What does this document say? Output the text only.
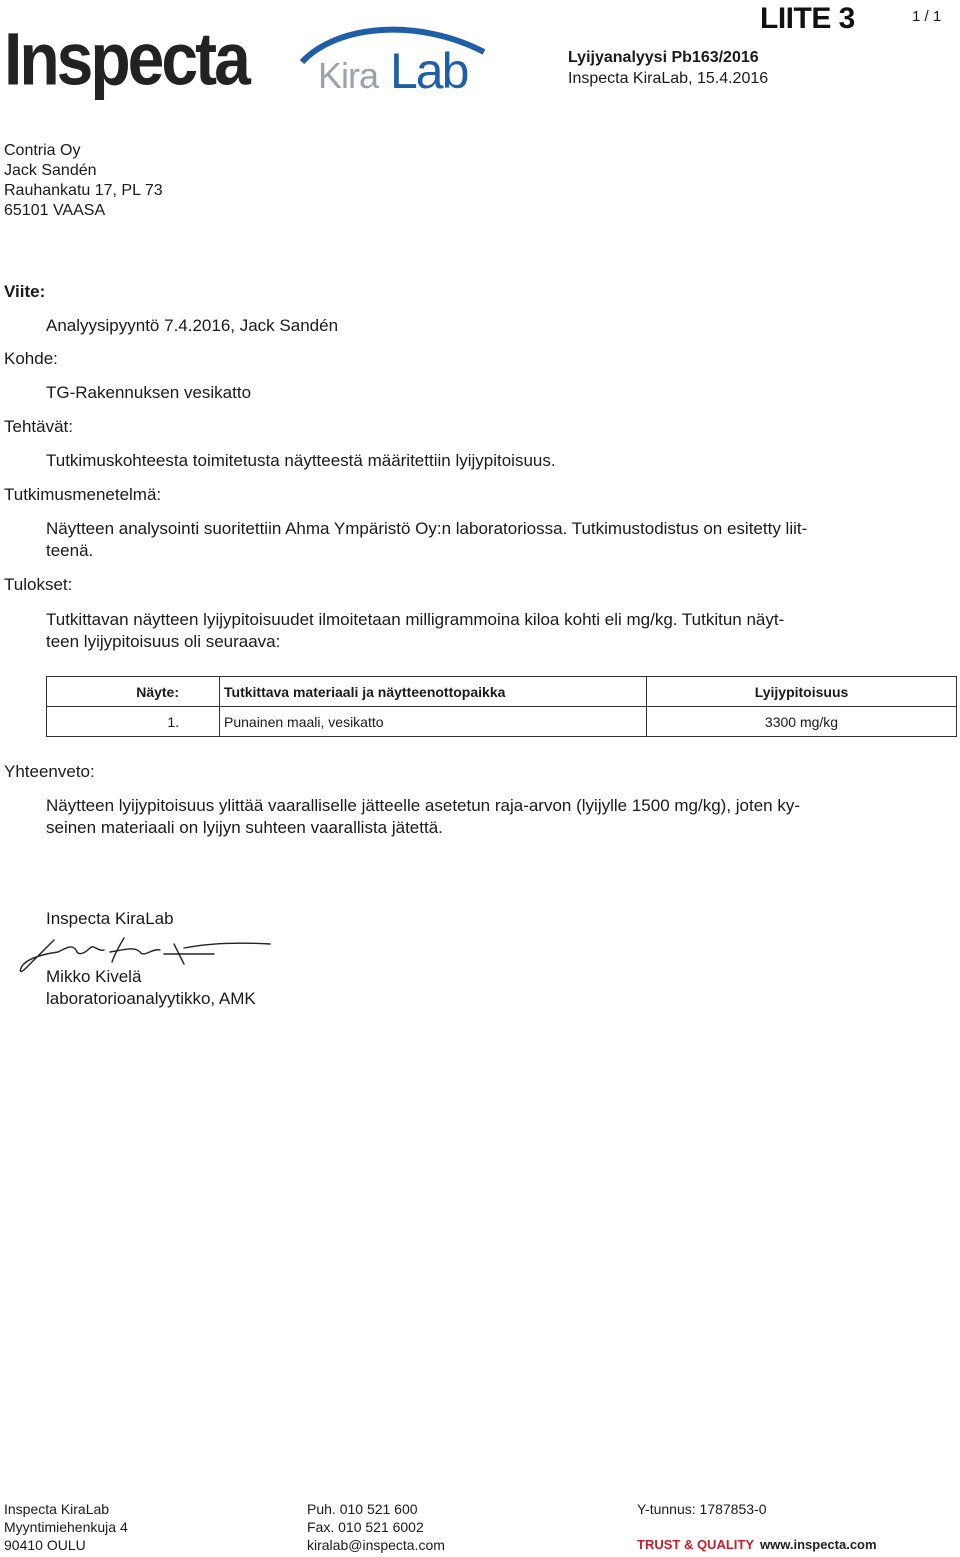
Inspecta Kira Lab
LIITE 3	1 / 1
Lyijyanalyysi Pb163/2016
Inspecta KiraLab, 15.4.2016
Contria Oy
Jack Sandén
Rauhankatu 17, PL 73
65101 VAASA
Viite:
Analyysipyyntö 7.4.2016, Jack Sandén
Kohde:
TG-Rakennuksen vesikatto
Tehtävät:
Tutkimuskohteesta toimitetusta näytteestä määritettiin lyijypitoisuus.
Tutkimusmenetelmä:
Näytteen analysointi suoritettiin Ahma Ympäristö Oy:n laboratoriossa. Tutkimustodistus on esitetty liit-
teenä.
Tulokset:
Tutkittavan näytteen lyijypitoisuudet ilmoitetaan milligrammoina kiloa kohti eli mg/kg. Tutkitun näyt-
teen lyijypitoisuus oli seuraava:
Näyte:	Tutkittava materiaali ja näytteenottopaikka	Lyijypitoisuus
1.	Punainen maali, vesikatto	3300 mg/kg
Yhteenveto:
Näytteen lyijypitoisuus ylittää vaaralliselle jätteelle asetetun raja-arvon (lyijylle 1500 mg/kg), joten ky-
seinen materiaali on lyijyn suhteen vaarallista jätettä.
Inspecta KiraLab
Mikko Kivelä
laboratorioanalyytikko, AMK
Inspecta KiraLab
Myyntimiehenkuja 4
90410 OULU
Puh. 010 521 600
Fax. 010 521 6002
kiralab@inspecta.com
Y-tunnus: 1787853-0
TRUST & QUALITY www.inspecta.com
